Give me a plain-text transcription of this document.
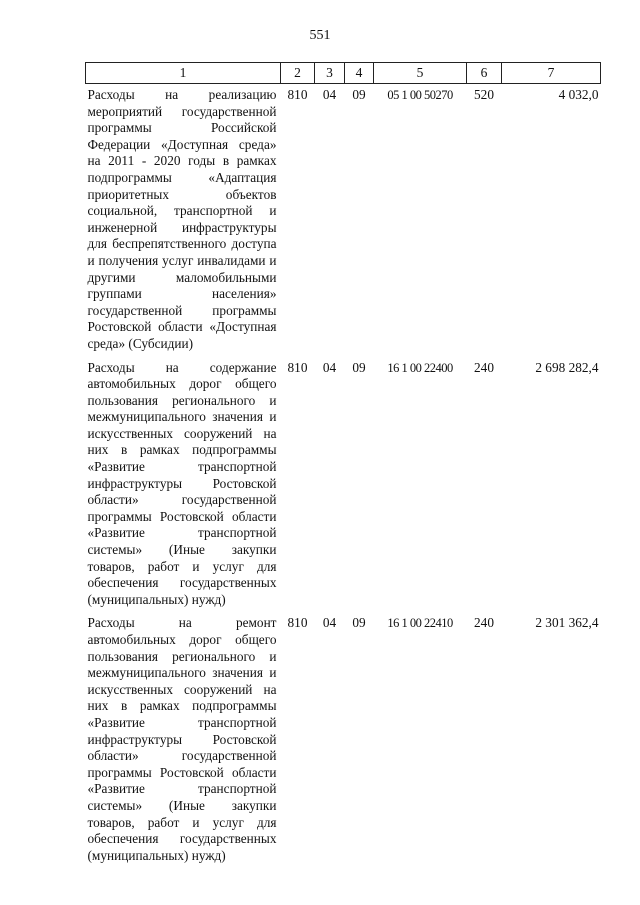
551
1	2	3	4	5	6	7
Расходы на реализацию мероприятий государственной программы Российской Федерации «Доступная среда» на 2011 - 2020 годы в рамках подпрограммы «Адаптация приоритетных объектов социальной, транспортной и инженерной инфраструктуры для беспрепятственного доступа и получения услуг инвалидами и другими маломобильными группами населения» государственной программы Ростовской области «Доступная среда» (Субсидии)	810	04	09	05 1 00 50270	520	4 032,0
Расходы на содержание автомобильных дорог общего пользования регионального и межмуниципального значения и искусственных сооружений на них в рамках подпрограммы «Развитие транспортной инфраструктуры Ростовской области» государственной программы Ростовской области «Развитие транспортной системы» (Иные закупки товаров, работ и услуг для обеспечения государственных (муниципальных) нужд)	810	04	09	16 1 00 22400	240	2 698 282,4
Расходы на ремонт автомобильных дорог общего пользования регионального и межмуниципального значения и искусственных сооружений на них в рамках подпрограммы «Развитие транспортной инфраструктуры Ростовской области» государственной программы Ростовской области «Развитие транспортной системы» (Иные закупки товаров, работ и услуг для обеспечения государственных (муниципальных) нужд)	810	04	09	16 1 00 22410	240	2 301 362,4
